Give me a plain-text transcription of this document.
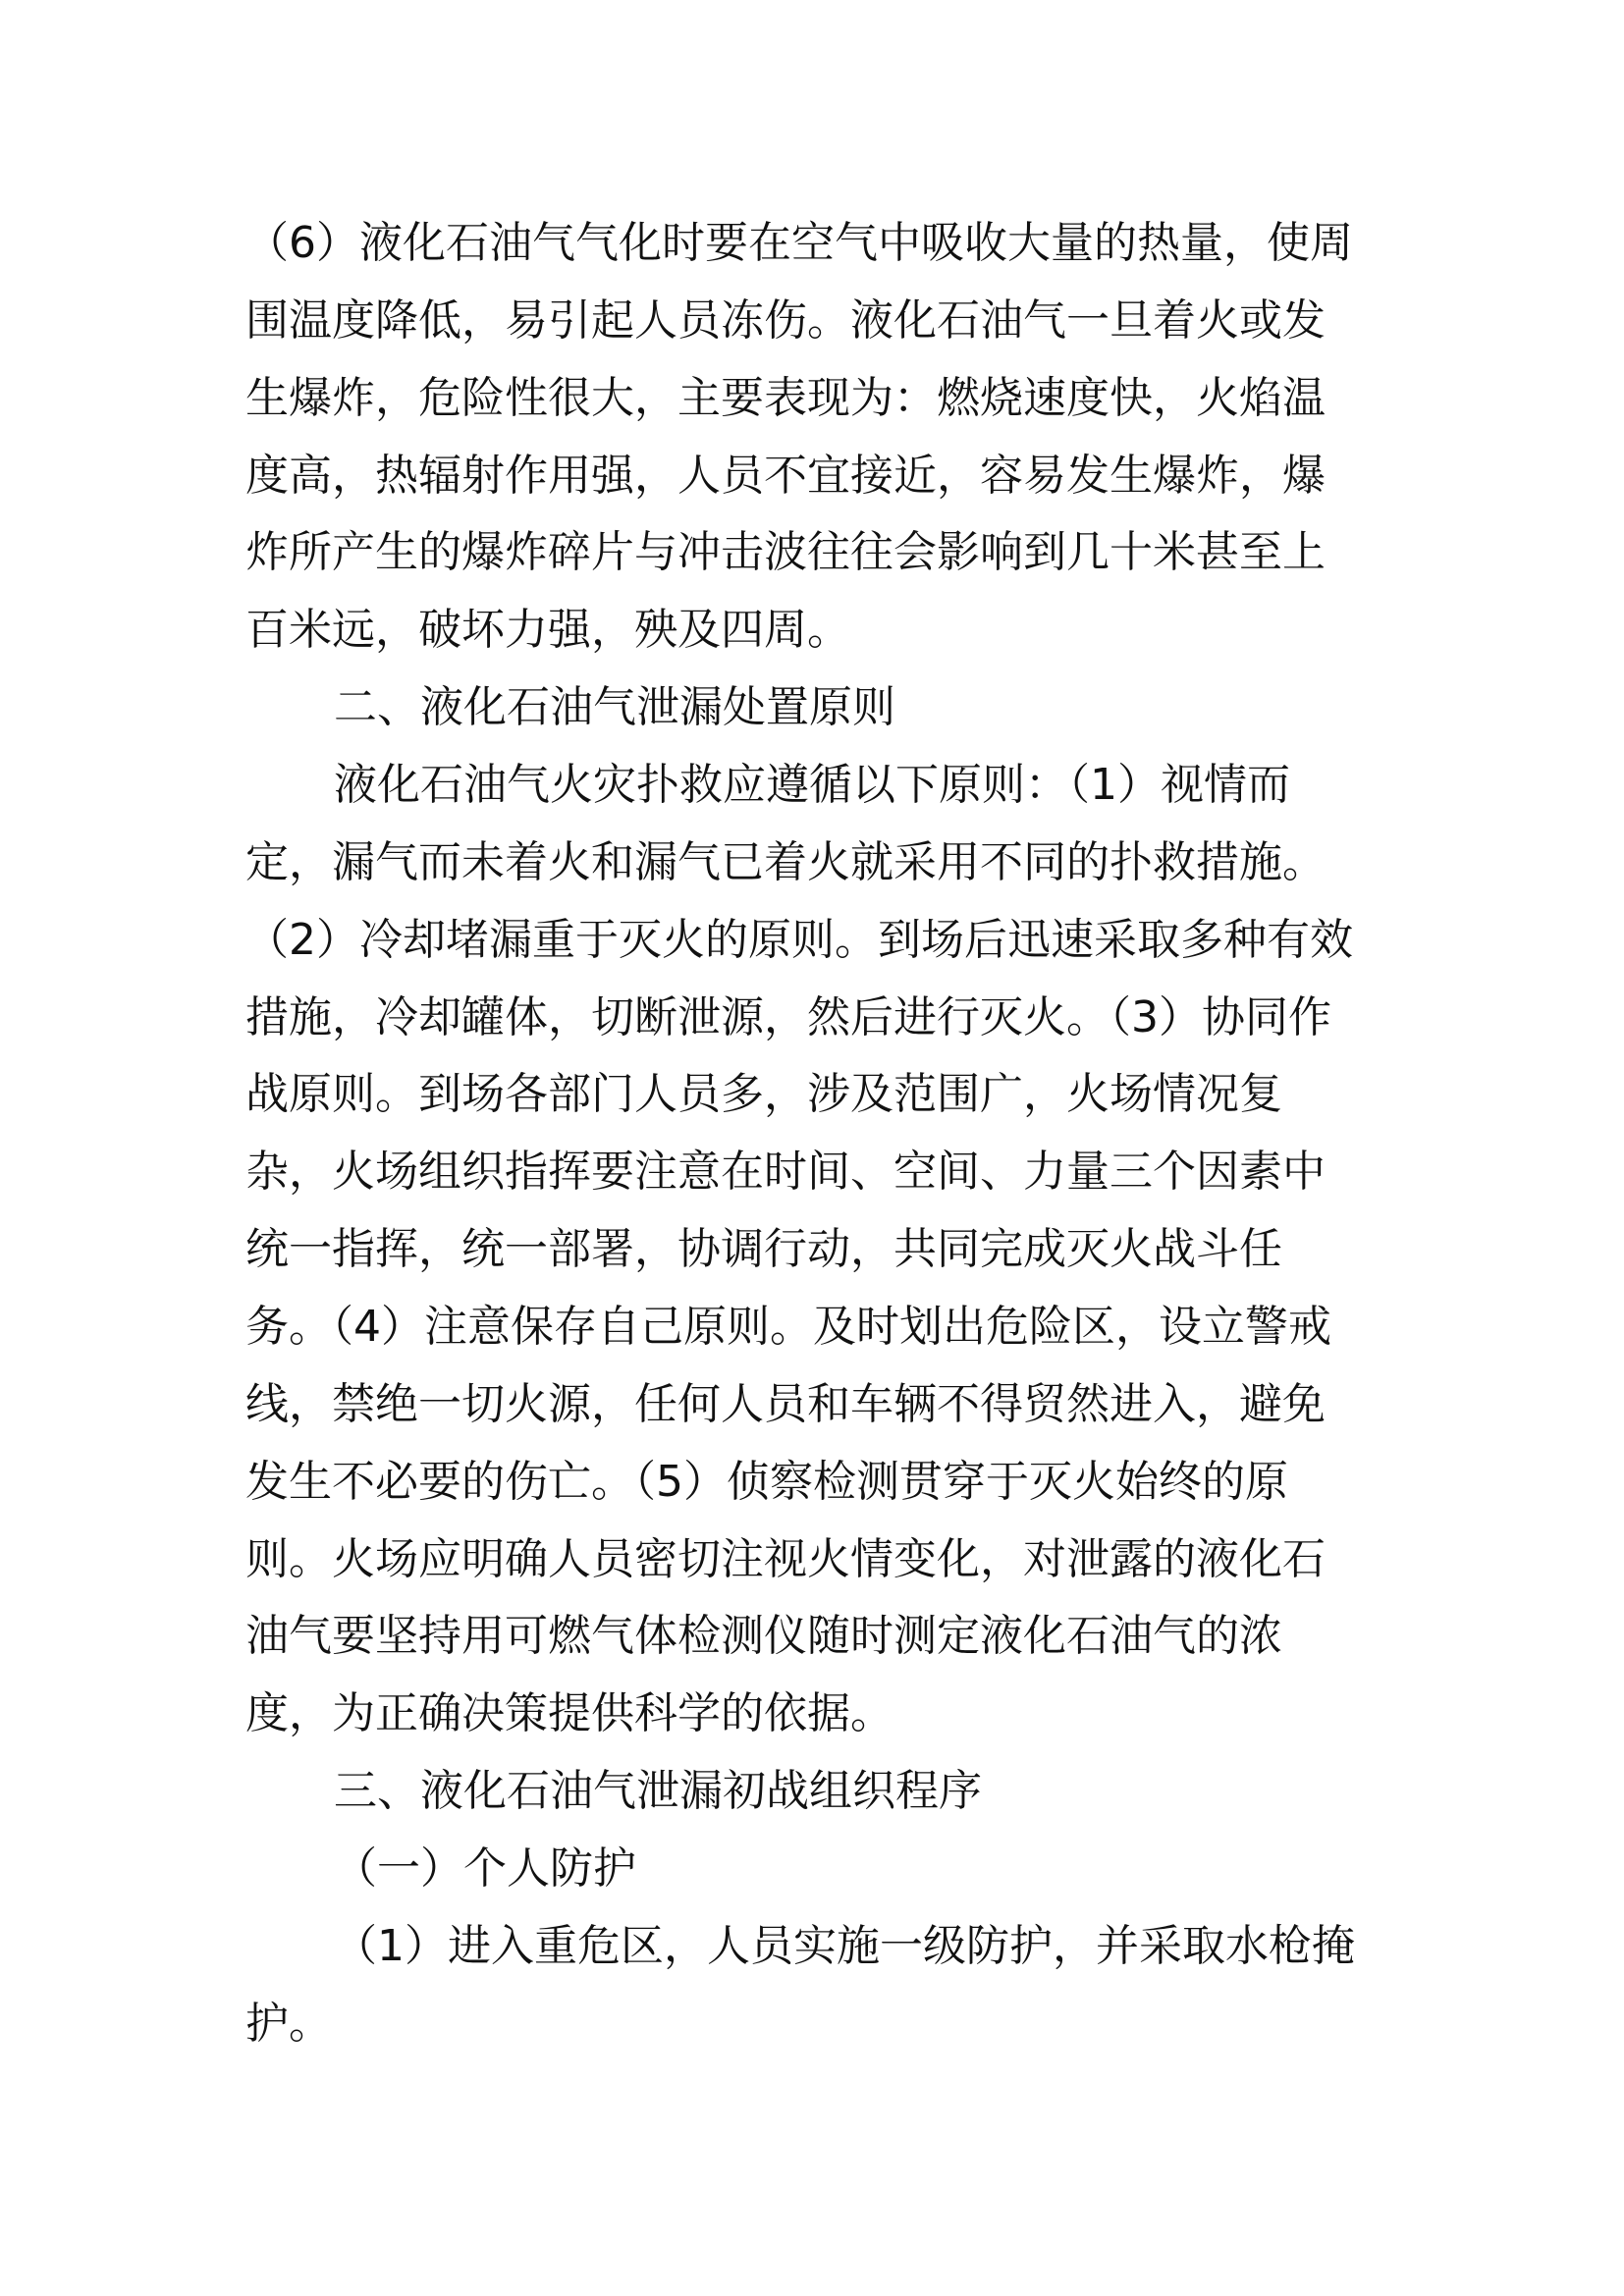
（6）液化石油气气化时要在空气中吸收大量的热量，使周
围温度降低，易引起人员冻伤。液化石油气一旦着火或发
生爆炸，危险性很大，主要表现为：燃烧速度快，火焰温
度高，热辐射作用强，人员不宜接近，容易发生爆炸，爆
炸所产生的爆炸碎片与冲击波往往会影响到几十米甚至上
百米远，破坏力强，殃及四周。
二、液化石油气泄漏处置原则
液化石油气火灾扑救应遵循以下原则：（1）视情而
定，漏气而未着火和漏气已着火就采用不同的扑救措施。
（2）冷却堵漏重于灭火的原则。到场后迅速采取多种有效
措施，冷却罐体，切断泄源，然后进行灭火。（3）协同作
战原则。到场各部门人员多，涉及范围广，火场情况复
杂，火场组织指挥要注意在时间、空间、力量三个因素中
统一指挥，统一部署，协调行动，共同完成灭火战斗任
务。（4）注意保存自己原则。及时划出危险区，设立警戒
线，禁绝一切火源，任何人员和车辆不得贸然进入，避免
发生不必要的伤亡。（5）侦察检测贯穿于灭火始终的原
则。火场应明确人员密切注视火情变化，对泄露的液化石
油气要坚持用可燃气体检测仪随时测定液化石油气的浓
度，为正确决策提供科学的依据。
三、液化石油气泄漏初战组织程序
（一）个人防护
（1）进入重危区，人员实施一级防护，并采取水枪掩
护。
